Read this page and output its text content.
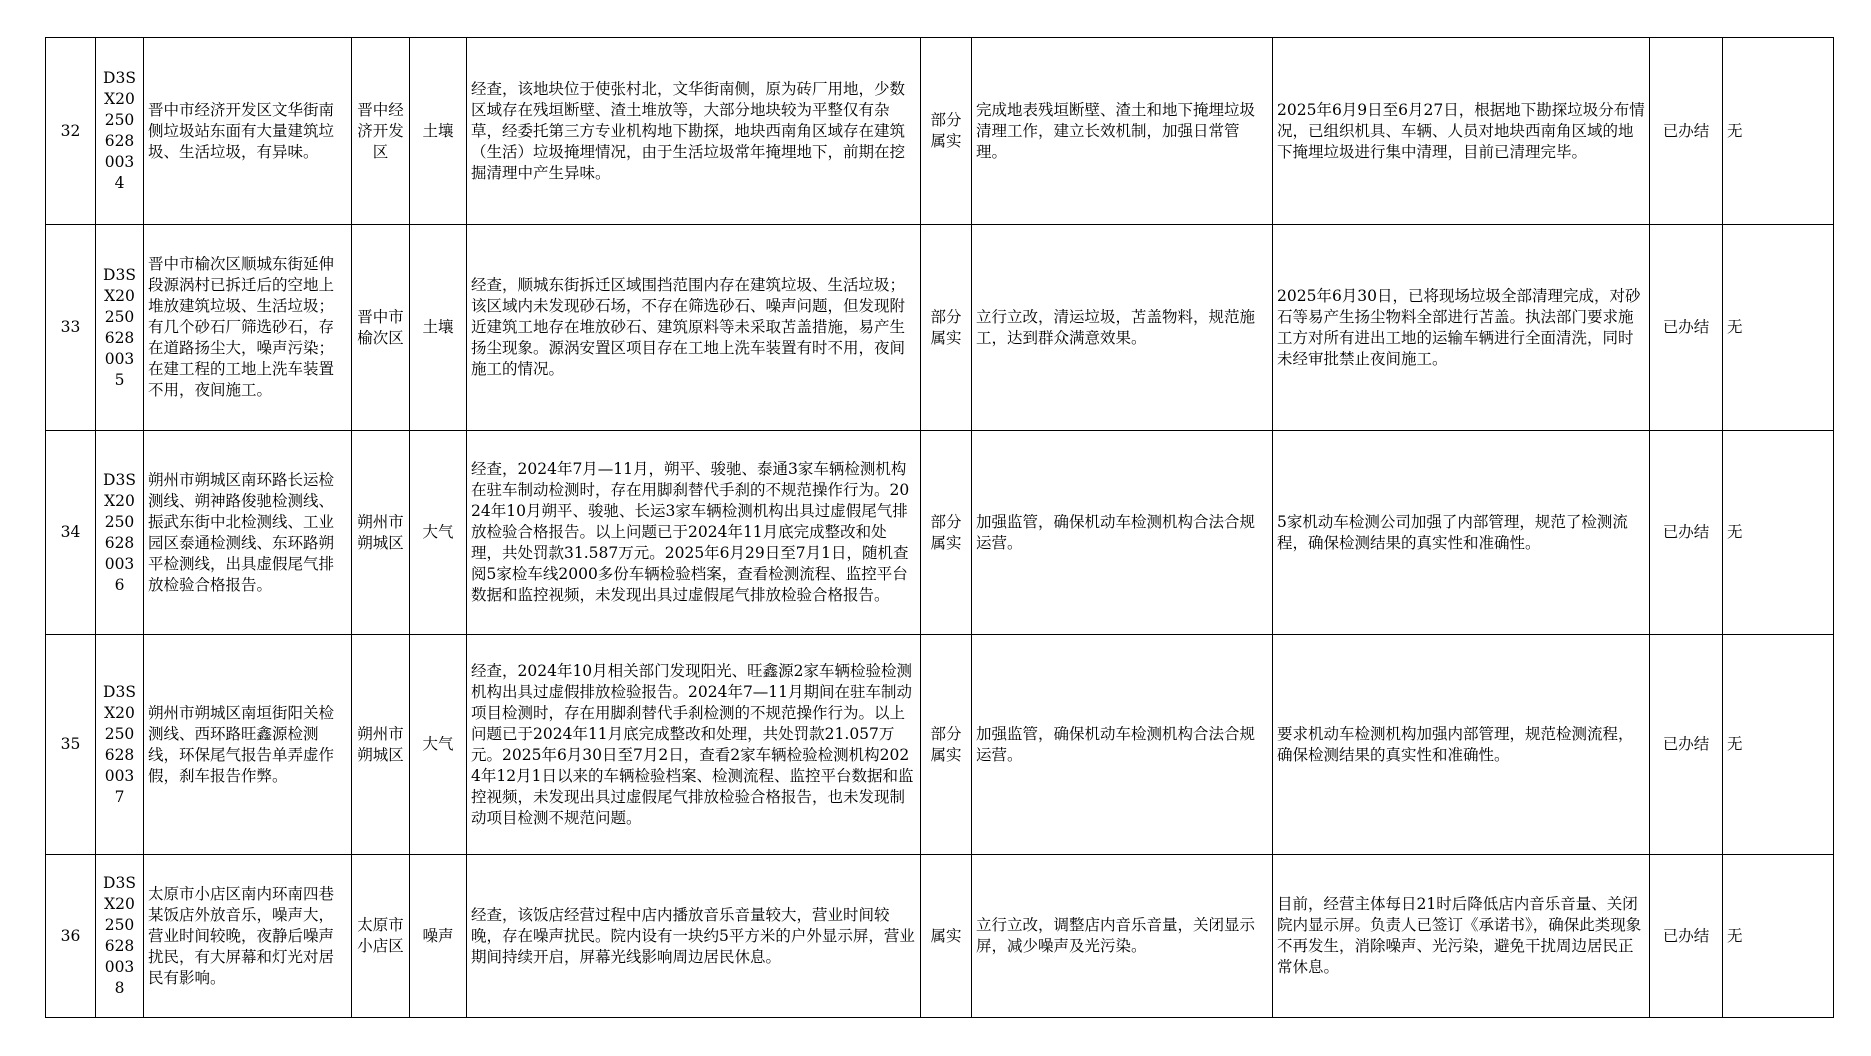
32	D3SX202506280034	晋中市经济开发区文华街南侧垃圾站东面有大量建筑垃圾、生活垃圾，有异味。	晋中经济开发区	土壤	经查，该地块位于使张村北，文华街南侧，原为砖厂用地，少数区域存在残垣断壁、渣土堆放等，大部分地块较为平整仅有杂草，经委托第三方专业机构地下勘探，地块西南角区域存在建筑（生活）垃圾掩埋情况，由于生活垃圾常年掩埋地下，前期在挖掘清理中产生异味。	部分属实	完成地表残垣断壁、渣土和地下掩埋垃圾清理工作，建立长效机制，加强日常管理。	2025年6月9日至6月27日，根据地下勘探垃圾分布情况，已组织机具、车辆、人员对地块西南角区域的地下掩埋垃圾进行集中清理，目前已清理完毕。	已办结	无
33	D3SX202506280035	晋中市榆次区顺城东街延伸段源涡村已拆迁后的空地上堆放建筑垃圾、生活垃圾；有几个砂石厂筛选砂石，存在道路扬尘大，噪声污染；在建工程的工地上洗车装置不用，夜间施工。	晋中市榆次区	土壤	经查，顺城东街拆迁区域围挡范围内存在建筑垃圾、生活垃圾；该区域内未发现砂石场，不存在筛选砂石、噪声问题，但发现附近建筑工地存在堆放砂石、建筑原料等未采取苫盖措施，易产生扬尘现象。源涡安置区项目存在工地上洗车装置有时不用，夜间施工的情况。	部分属实	立行立改，清运垃圾，苫盖物料，规范施工，达到群众满意效果。	2025年6月30日，已将现场垃圾全部清理完成，对砂石等易产生扬尘物料全部进行苫盖。执法部门要求施工方对所有进出工地的运输车辆进行全面清洗，同时未经审批禁止夜间施工。	已办结	无
34	D3SX202506280036	朔州市朔城区南环路长运检测线、朔神路俊驰检测线、振武东街中北检测线、工业园区泰通检测线、东环路朔平检测线，出具虚假尾气排放检验合格报告。	朔州市朔城区	大气	经查，2024年7月—11月，朔平、骏驰、泰通3家车辆检测机构在驻车制动检测时，存在用脚刹替代手刹的不规范操作行为。2024年10月朔平、骏驰、长运3家车辆检测机构出具过虚假尾气排放检验合格报告。以上问题已于2024年11月底完成整改和处理，共处罚款31.587万元。2025年6月29日至7月1日，随机查阅5家检车线2000多份车辆检验档案，查看检测流程、监控平台数据和监控视频，未发现出具过虚假尾气排放检验合格报告。	部分属实	加强监管，确保机动车检测机构合法合规运营。	5家机动车检测公司加强了内部管理，规范了检测流程，确保检测结果的真实性和准确性。	已办结	无
35	D3SX202506280037	朔州市朔城区南垣街阳关检测线、西环路旺鑫源检测线，环保尾气报告单弄虚作假，刹车报告作弊。	朔州市朔城区	大气	经查，2024年10月相关部门发现阳光、旺鑫源2家车辆检验检测机构出具过虚假排放检验报告。2024年7—11月期间在驻车制动项目检测时，存在用脚刹替代手刹检测的不规范操作行为。以上问题已于2024年11月底完成整改和处理，共处罚款21.057万元。2025年6月30日至7月2日，查看2家车辆检验检测机构2024年12月1日以来的车辆检验档案、检测流程、监控平台数据和监控视频，未发现出具过虚假尾气排放检验合格报告，也未发现制动项目检测不规范问题。	部分属实	加强监管，确保机动车检测机构合法合规运营。	要求机动车检测机构加强内部管理，规范检测流程，确保检测结果的真实性和准确性。	已办结	无
36	D3SX202506280038	太原市小店区南内环南四巷某饭店外放音乐，噪声大，营业时间较晚，夜静后噪声扰民，有大屏幕和灯光对居民有影响。	太原市小店区	噪声	经查，该饭店经营过程中店内播放音乐音量较大，营业时间较晚，存在噪声扰民。院内设有一块约5平方米的户外显示屏，营业期间持续开启，屏幕光线影响周边居民休息。	属实	立行立改，调整店内音乐音量，关闭显示屏，减少噪声及光污染。	目前，经营主体每日21时后降低店内音乐音量、关闭院内显示屏。负责人已签订《承诺书》，确保此类现象不再发生，消除噪声、光污染，避免干扰周边居民正常休息。	已办结	无
